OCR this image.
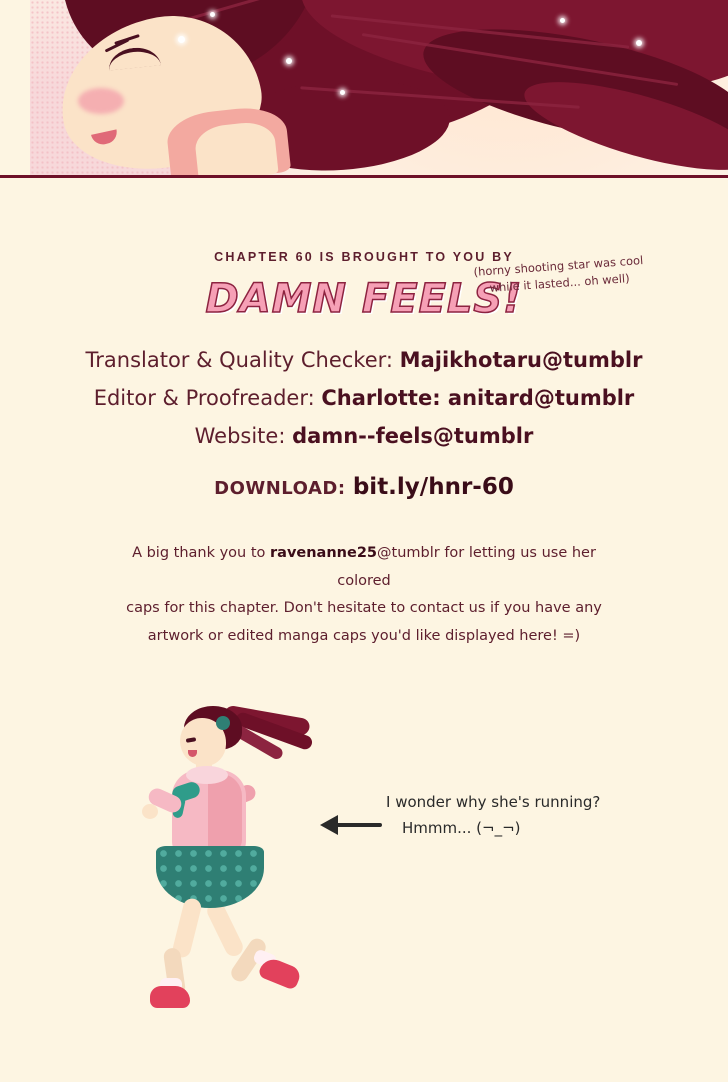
CHAPTER 60 IS BROUGHT TO YOU BY
DAMN FEELS!
Translator & Quality Checker: Majikhotaru@tumblr
Editor & Proofreader: Charlotte: anitard@tumblr
Website: damn--feels@tumblr
DOWNLOAD: bit.ly/hnr-60
A big thank you to ravenanne25@tumblr for letting us use her colored
caps for this chapter. Don't hesitate to contact us if you have any
artwork or edited manga caps you'd like displayed here! =)
(horny shooting star was cool while it lasted... oh well)
I wonder why she's running?
Hmmm... (¬_¬)
